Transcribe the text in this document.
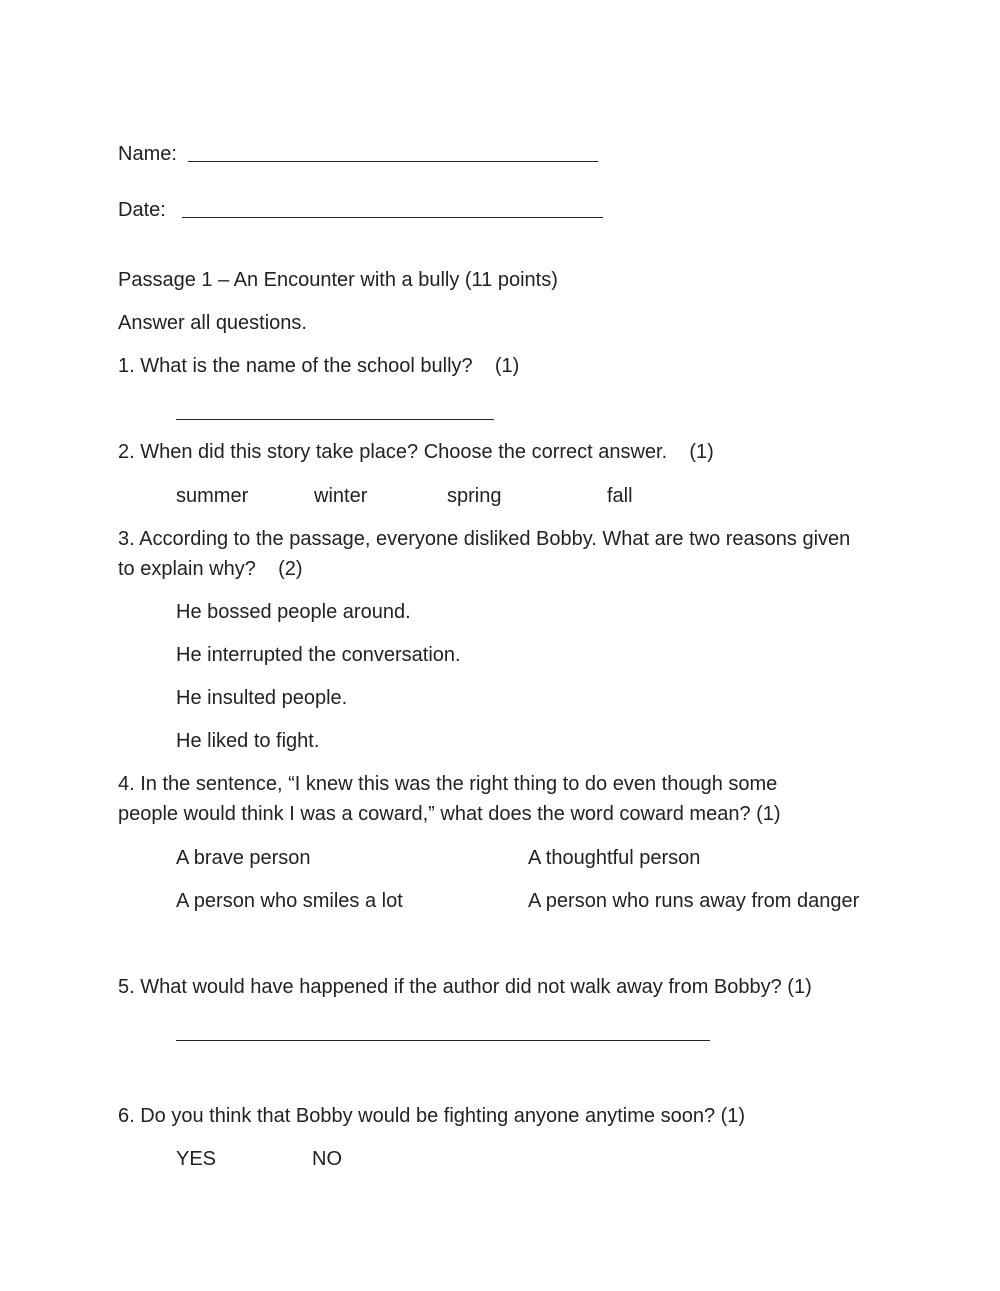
Name:
Date:
Passage 1 – An Encounter with a bully (11 points)
Answer all questions.
1. What is the name of the school bully?    (1)
2. When did this story take place? Choose the correct answer.    (1)
summer	winter	spring	fall
3. According to the passage, everyone disliked Bobby. What are two reasons given
to explain why?    (2)
He bossed people around.
He interrupted the conversation.
He insulted people.
He liked to fight.
4. In the sentence, “I knew this was the right thing to do even though some
people would think I was a coward,” what does the word coward mean? (1)
A brave person	A thoughtful person
A person who smiles a lot	A person who runs away from danger
5. What would have happened if the author did not walk away from Bobby? (1)
6. Do you think that Bobby would be fighting anyone anytime soon? (1)
YES	NO
